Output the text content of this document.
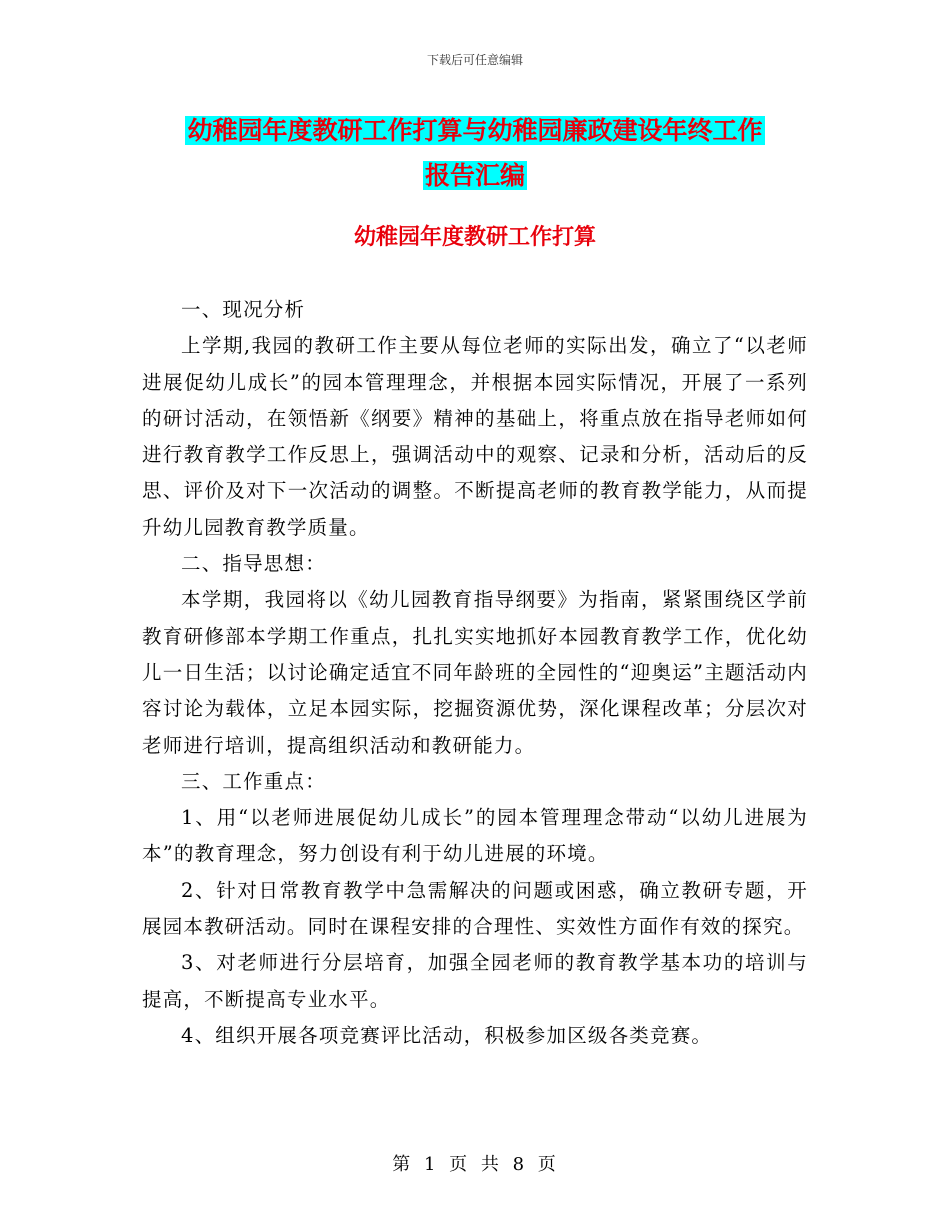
下载后可任意编辑
幼稚园年度教研工作打算与幼稚园廉政建设年终工作
报告汇编
幼稚园年度教研工作打算

一、现况分析

上学期,我园的教研工作主要从每位老师的实际出发，确立了“以老师进展促幼儿成长”的园本管理理念，并根据本园实际情况，开展了一系列的研讨活动，在领悟新《纲要》精神的基础上，将重点放在指导老师如何进行教育教学工作反思上，强调活动中的观察、记录和分析，活动后的反思、评价及对下一次活动的调整。不断提高老师的教育教学能力，从而提升幼儿园教育教学质量。

二、指导思想：

本学期，我园将以《幼儿园教育指导纲要》为指南，紧紧围绕区学前教育研修部本学期工作重点，扎扎实实地抓好本园教育教学工作，优化幼儿一日生活；以讨论确定适宜不同年龄班的全园性的“迎奥运”主题活动内容讨论为载体，立足本园实际，挖掘资源优势，深化课程改革；分层次对老师进行培训，提高组织活动和教研能力。

三、工作重点：

1、用“以老师进展促幼儿成长”的园本管理理念带动“以幼儿进展为本”的教育理念，努力创设有利于幼儿进展的环境。

2、针对日常教育教学中急需解决的问题或困惑，确立教研专题，开展园本教研活动。同时在课程安排的合理性、实效性方面作有效的探究。

3、对老师进行分层培育，加强全园老师的教育教学基本功的培训与提高，不断提高专业水平。

4、组织开展各项竞赛评比活动，积极参加区级各类竞赛。

第 1 页 共 8 页
